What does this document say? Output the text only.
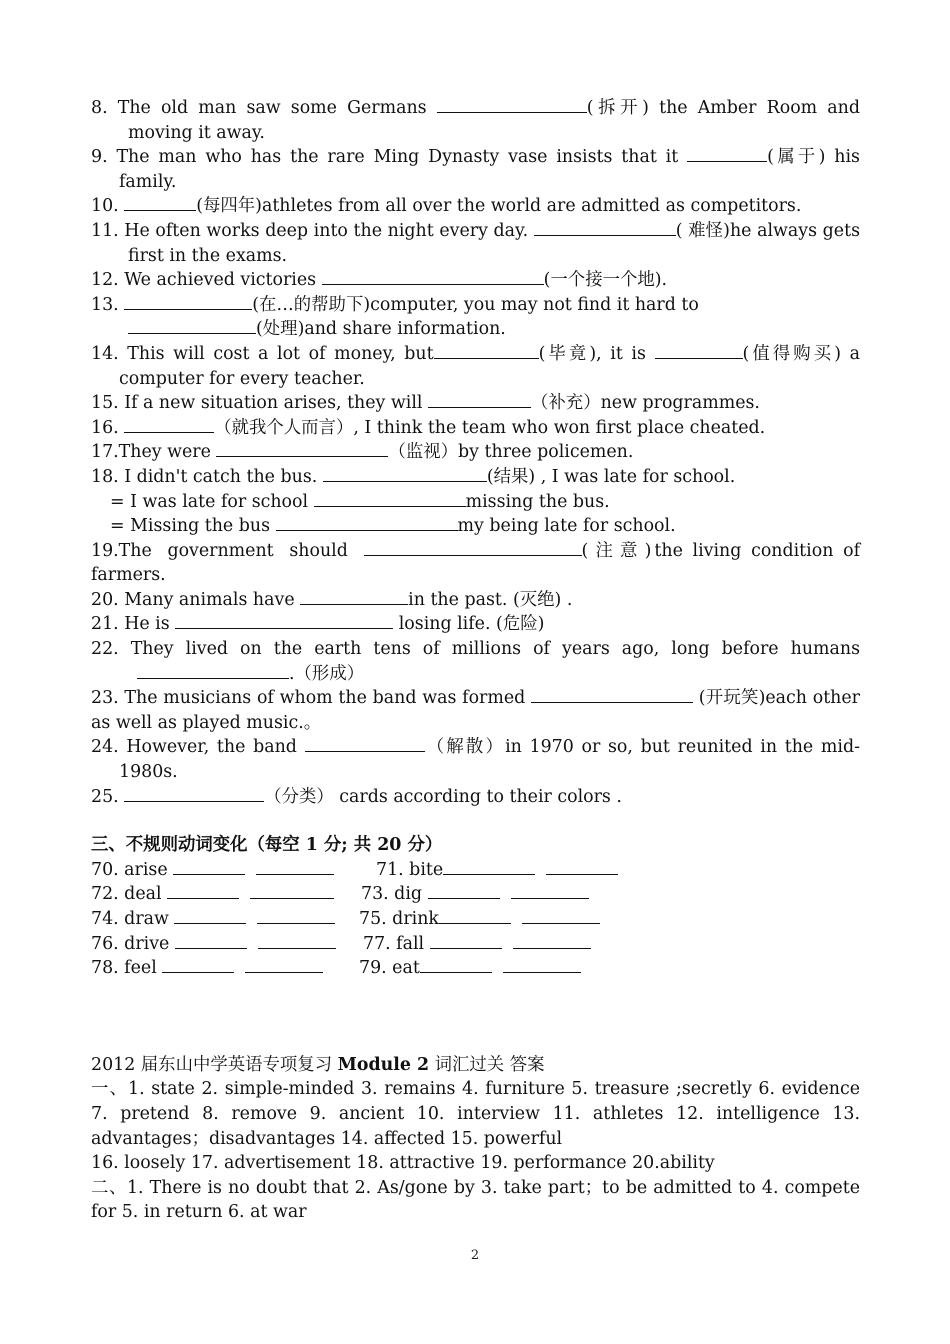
8. The old man saw some Germans	(拆开) the Amber Room and moving it away.

9. The man who has the rare Ming Dynasty vase insists that it	(属于) his family.

10.	(每四年)athletes from all over the world are admitted as competitors.

11. He often works deep into the night every day.	( 难怪)he always gets first in the exams.

12. We achieved victories	(一个接一个地).

13.	(在…的帮助下)computer, you may not find it hard to

(处理)and share information.

14. This will cost a lot of money, but	(毕竟), it is	(值得购买) a computer for every teacher.

15. If a new situation arises, they will	（补充）new programmes.

16.	（就我个人而言）, I think the team who won first place cheated.

17.They were	（监视）by three policemen.

18. I didn't catch the bus.	(结果) , I was late for school.

= I was late for school	missing the bus.

= Missing the bus	my being late for school.

19.The government should	(注意)the living condition of farmers.

20. Many animals have	in the past. (灭绝) .

21. He is	losing life. (危险)

22. They lived on the earth tens of millions of years ago, long before humans

.（形成）

23. The musicians of whom the band was formed	(开玩笑)each other as well as played music.。

24. However, the band	（解散）in 1970 or so, but reunited in the mid-1980s.

25.	（分类） cards according to their colors .

三、不规则动词变化（每空 1 分; 共 20 分）

70. arise	71. bite
72. deal	73. dig
74. draw	75. drink
76. drive	77. fall
78. feel	79. eat

2012 届东山中学英语专项复习 Module 2 词汇过关 答案

一、1. state 2. simple-minded 3. remains 4. furniture 5. treasure ;secretly 6. evidence 7. pretend 8. remove 9. ancient 10. interview 11. athletes 12. intelligence 13. advantages；disadvantages 14. affected 15. powerful

16. loosely 17. advertisement 18. attractive 19. performance 20.ability

二、1. There is no doubt that 2. As/gone by 3. take part；to be admitted to 4. compete for 5. in return 6. at war

2
